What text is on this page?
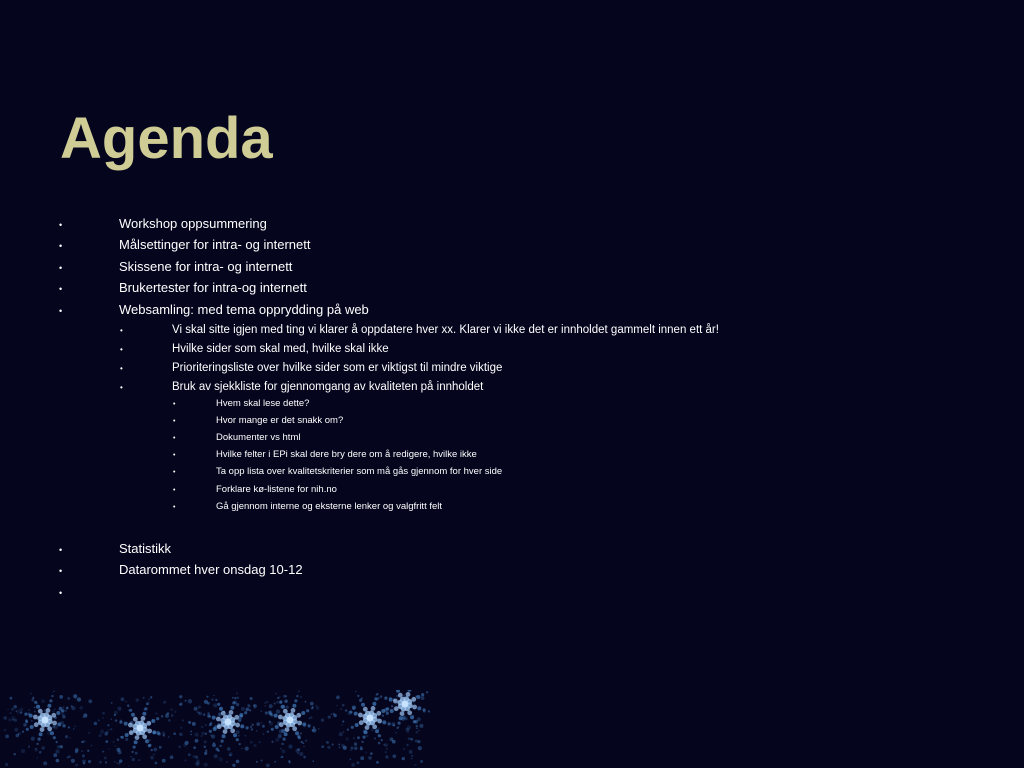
Agenda
•	Workshop oppsummering
•	Målsettinger for intra- og internett
•	Skissene for intra- og internett
•	Brukertester for intra-og internett
•	Websamling: med tema opprydding på web
•	Vi skal sitte igjen med ting vi klarer å oppdatere hver xx. Klarer vi ikke det er innholdet gammelt innen ett år!
•	Hvilke sider som skal med, hvilke skal ikke
•	Prioriteringsliste over hvilke sider som er viktigst til mindre viktige
•	Bruk av sjekkliste for gjennomgang av kvaliteten på innholdet
•	Hvem skal lese dette?
•	Hvor mange er det snakk om?
•	Dokumenter vs html
•	Hvilke felter i EPi skal dere bry dere om å redigere, hvilke ikke
•	Ta opp lista over kvalitetskriterier som må gås gjennom for hver side
•	Forklare kø-listene for nih.no
•	Gå gjennom interne og eksterne lenker og valgfritt felt
•	Statistikk
•	Datarommet hver onsdag 10-12
•
